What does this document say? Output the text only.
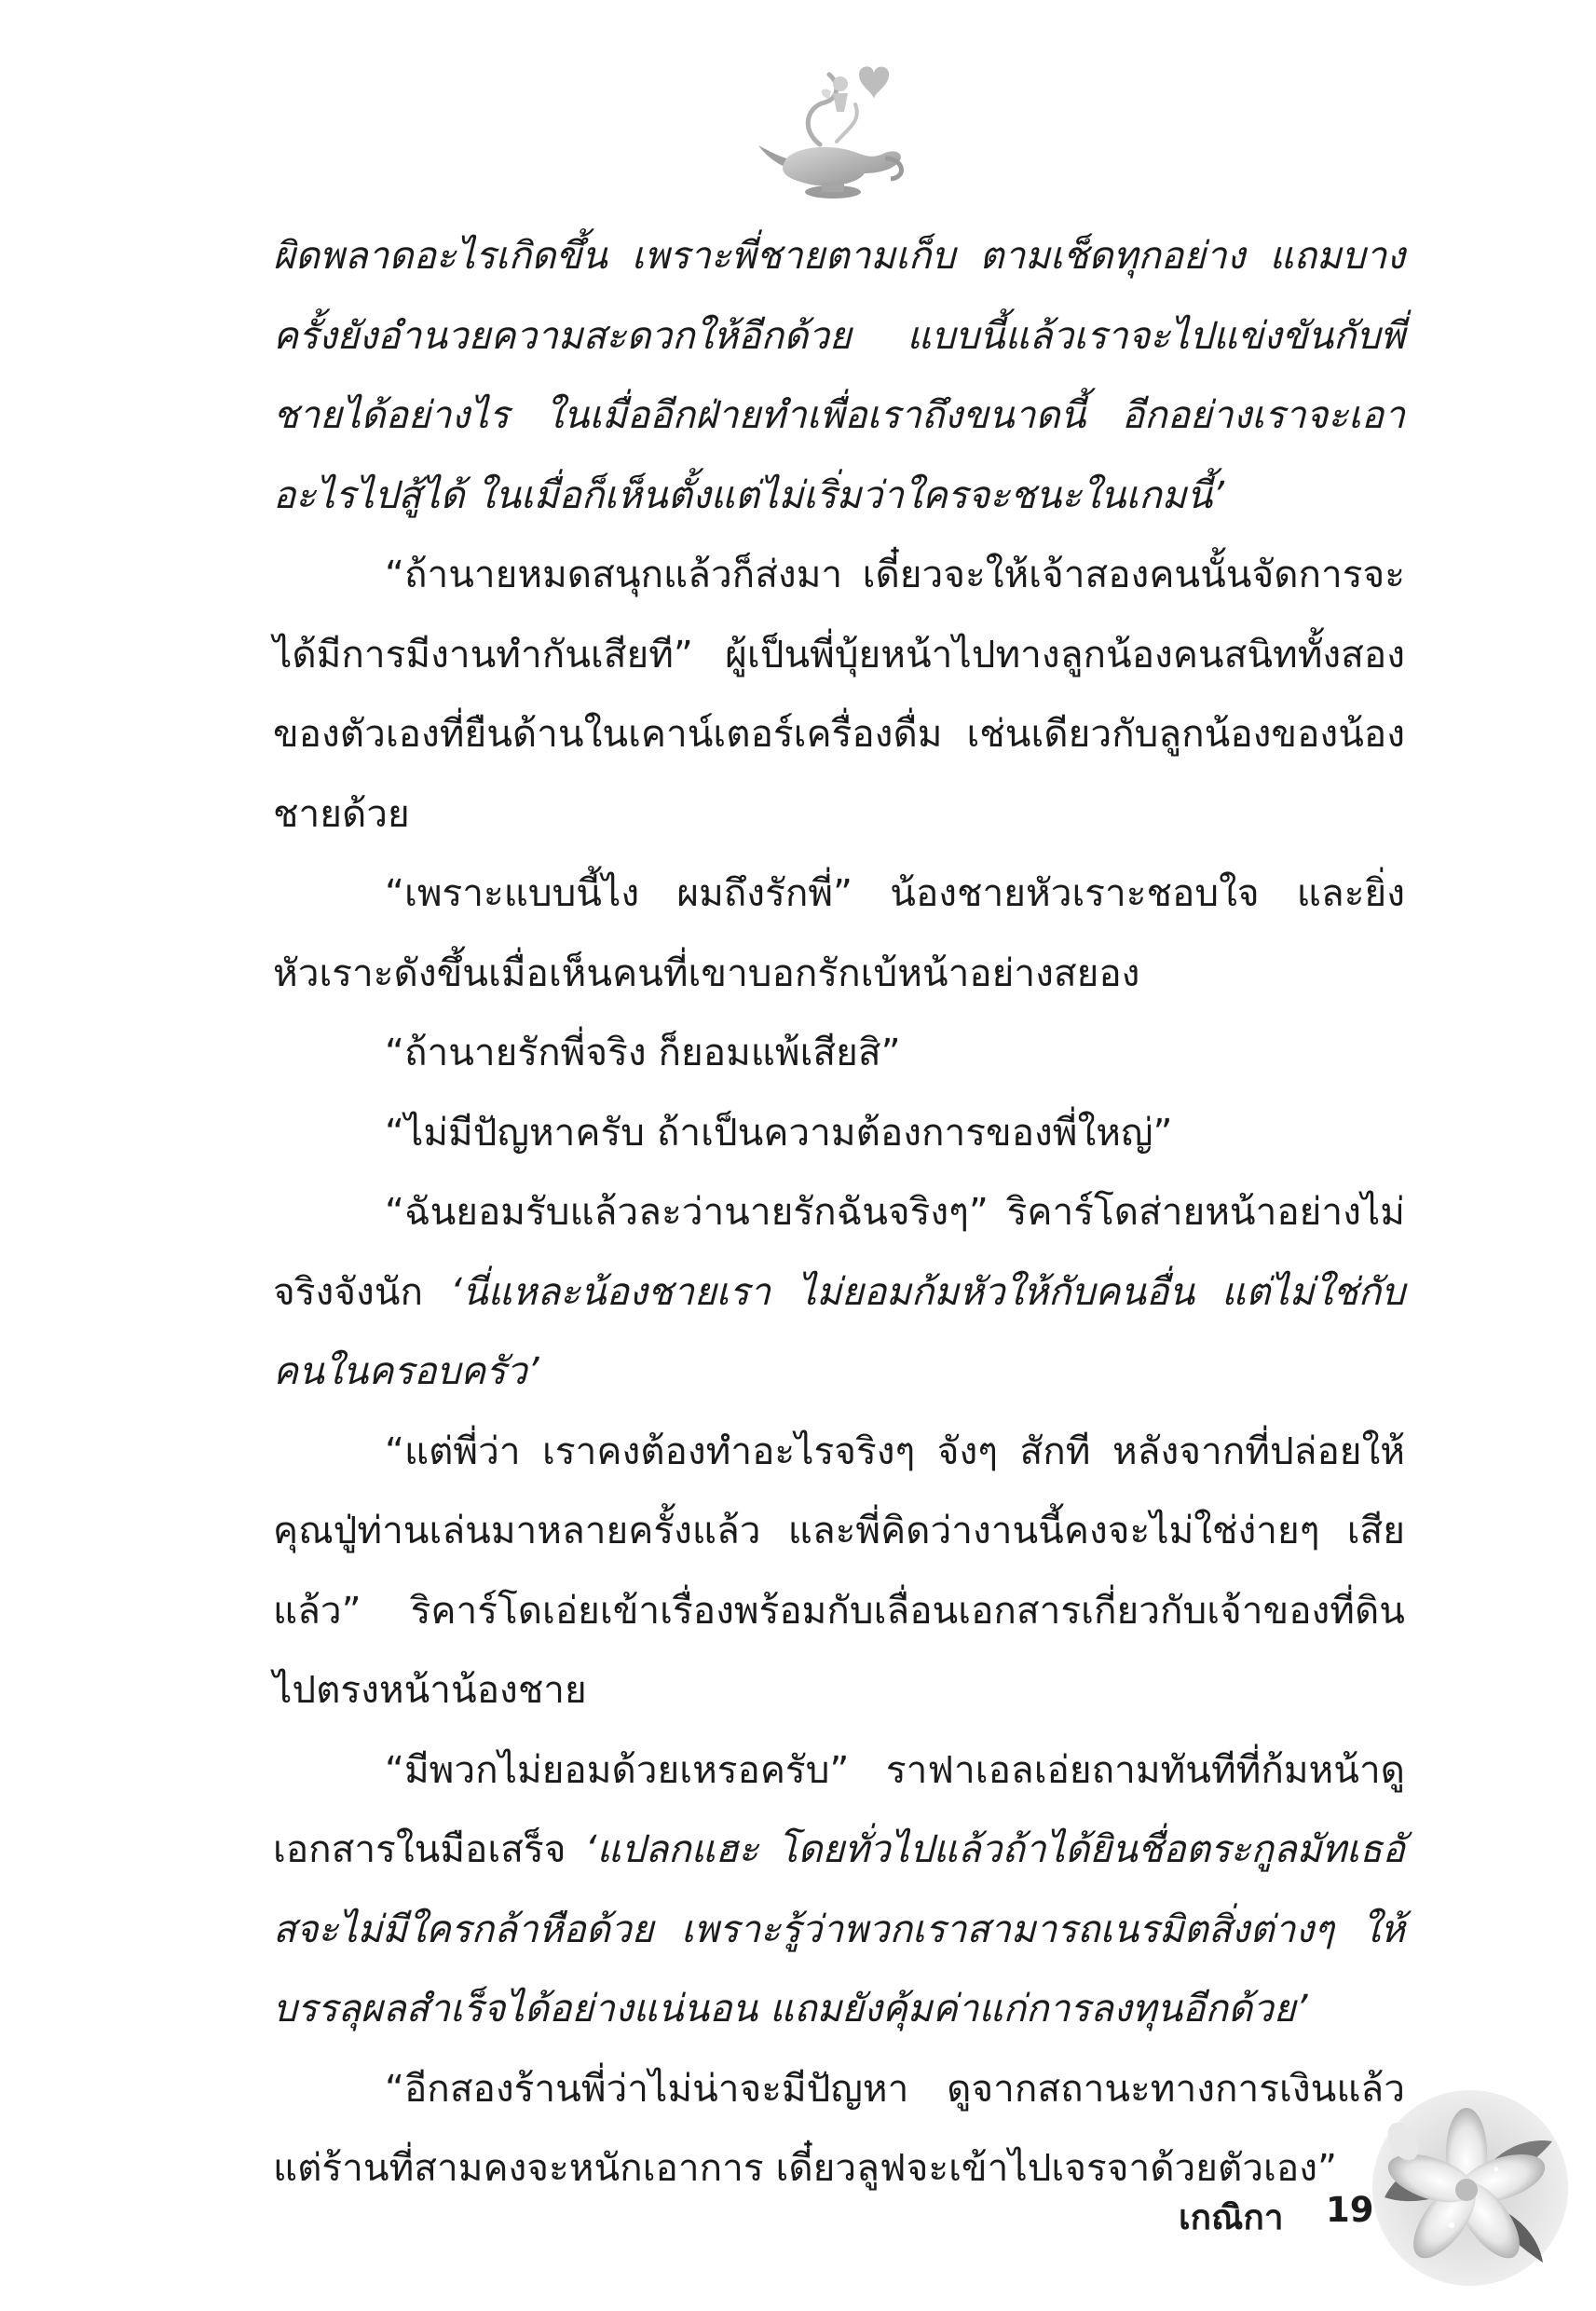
ผิดพลาดอะไรเกิดขึ้น เพราะพี่ชายตามเก็บ ตามเช็ดทุกอย่าง แถมบางครั้งยังอำนวยความสะดวกให้อีกด้วย แบบนี้แล้วเราจะไปแข่งขันกับพี่ชายได้อย่างไร ในเมื่ออีกฝ่ายทำเพื่อเราถึงขนาดนี้ อีกอย่างเราจะเอาอะไรไปสู้ได้ ในเมื่อก็เห็นตั้งแต่ไม่เริ่มว่าใครจะชนะในเกมนี้’

“ถ้านายหมดสนุกแล้วก็ส่งมา เดี๋ยวจะให้เจ้าสองคนนั้นจัดการจะได้มีการมีงานทำกันเสียที” ผู้เป็นพี่บุ้ยหน้าไปทางลูกน้องคนสนิททั้งสองของตัวเองที่ยืนด้านในเคาน์เตอร์เครื่องดื่ม เช่นเดียวกับลูกน้องของน้องชายด้วย

“เพราะแบบนี้ไง ผมถึงรักพี่” น้องชายหัวเราะชอบใจ และยิ่งหัวเราะดังขึ้นเมื่อเห็นคนที่เขาบอกรักเบ้หน้าอย่างสยอง

“ถ้านายรักพี่จริง ก็ยอมแพ้เสียสิ”

“ไม่มีปัญหาครับ ถ้าเป็นความต้องการของพี่ใหญ่”

“ฉันยอมรับแล้วละว่านายรักฉันจริงๆ” ริคาร์โดส่ายหน้าอย่างไม่จริงจังนัก ‘นี่แหละน้องชายเรา ไม่ยอมก้มหัวให้กับคนอื่น แต่ไม่ใช่กับคนในครอบครัว’

“แต่พี่ว่า เราคงต้องทำอะไรจริงๆ จังๆ สักที หลังจากที่ปล่อยให้คุณปู่ท่านเล่นมาหลายครั้งแล้ว และพี่คิดว่างานนี้คงจะไม่ใช่ง่ายๆ เสียแล้ว” ริคาร์โดเอ่ยเข้าเรื่องพร้อมกับเลื่อนเอกสารเกี่ยวกับเจ้าของที่ดินไปตรงหน้าน้องชาย

“มีพวกไม่ยอมด้วยเหรอครับ” ราฟาเอลเอ่ยถามทันทีที่ก้มหน้าดูเอกสารในมือเสร็จ ‘แปลกแฮะ โดยทั่วไปแล้วถ้าได้ยินชื่อตระกูลมัทเธอัสจะไม่มีใครกล้าหือด้วย เพราะรู้ว่าพวกเราสามารถเนรมิตสิ่งต่างๆ ให้บรรลุผลสำเร็จได้อย่างแน่นอน แถมยังคุ้มค่าแก่การลงทุนอีกด้วย’

“อีกสองร้านพี่ว่าไม่น่าจะมีปัญหา ดูจากสถานะทางการเงินแล้วแต่ร้านที่สามคงจะหนักเอาการ เดี๋ยวลูฟจะเข้าไปเจรจาด้วยตัวเอง”

เกณิกา 19
